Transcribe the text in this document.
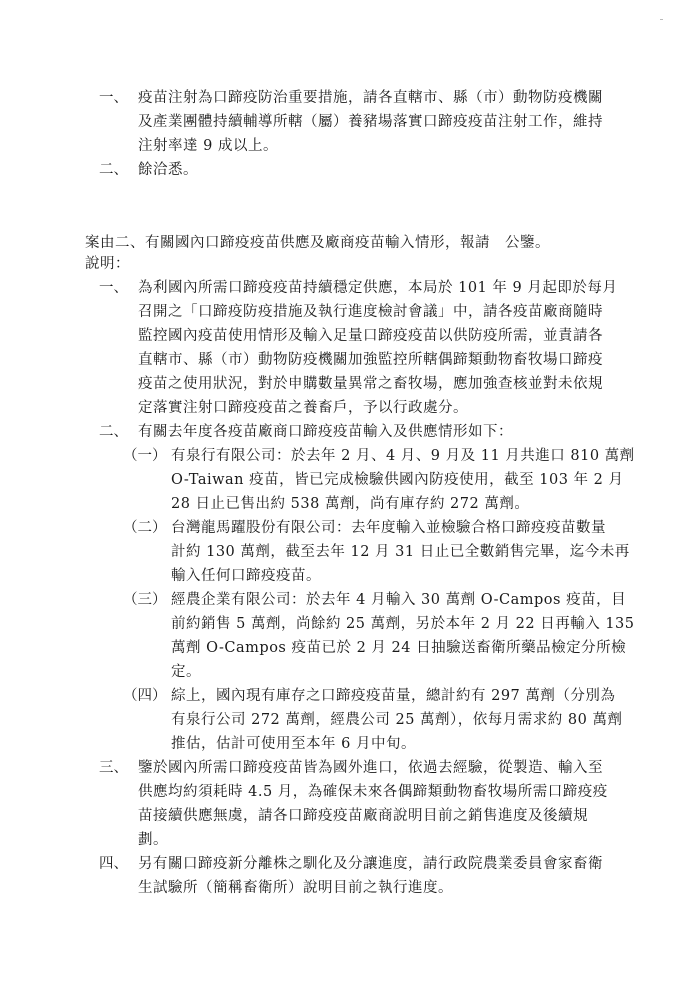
一、 疫苗注射為口蹄疫防治重要措施，請各直轄市、縣（市）動物防疫機關
及產業團體持續輔導所轄（屬）養豬場落實口蹄疫疫苗注射工作，維持
注射率達 9 成以上。
二、 餘洽悉。
案由二、有關國內口蹄疫疫苗供應及廠商疫苗輸入情形，報請　公鑒。
說明：
一、 為利國內所需口蹄疫疫苗持續穩定供應，本局於 101 年 9 月起即於每月
召開之「口蹄疫防疫措施及執行進度檢討會議」中，請各疫苗廠商隨時
監控國內疫苗使用情形及輸入足量口蹄疫疫苗以供防疫所需，並責請各
直轄市、縣（市）動物防疫機關加強監控所轄偶蹄類動物畜牧場口蹄疫
疫苗之使用狀況，對於申購數量異常之畜牧場，應加強查核並對未依規
定落實注射口蹄疫疫苗之養畜戶，予以行政處分。
二、 有關去年度各疫苗廠商口蹄疫疫苗輸入及供應情形如下：
（一） 有泉行有限公司：於去年 2 月、4 月、9 月及 11 月共進口 810 萬劑
O-Taiwan 疫苗，皆已完成檢驗供國內防疫使用，截至 103 年 2 月
28 日止已售出約 538 萬劑，尚有庫存約 272 萬劑。
（二） 台灣龍馬躍股份有限公司：去年度輸入並檢驗合格口蹄疫疫苗數量
計約 130 萬劑，截至去年 12 月 31 日止已全數銷售完畢，迄今未再
輸入任何口蹄疫疫苗。
（三） 經農企業有限公司：於去年 4 月輸入 30 萬劑 O-Campos 疫苗，目
前約銷售 5 萬劑，尚餘約 25 萬劑，另於本年 2 月 22 日再輸入 135
萬劑 O-Campos 疫苗已於 2 月 24 日抽驗送畜衛所藥品檢定分所檢
定。
（四） 綜上，國內現有庫存之口蹄疫疫苗量，總計約有 297 萬劑（分別為
有泉行公司 272 萬劑，經農公司 25 萬劑），依每月需求約 80 萬劑
推估，估計可使用至本年 6 月中旬。
三、 鑒於國內所需口蹄疫疫苗皆為國外進口，依過去經驗，從製造、輸入至
供應均約須耗時 4.5 月，為確保未來各偶蹄類動物畜牧場所需口蹄疫疫
苗接續供應無虞，請各口蹄疫疫苗廠商說明目前之銷售進度及後續規
劃。
四、 另有關口蹄疫新分離株之馴化及分讓進度，請行政院農業委員會家畜衛
生試驗所（簡稱畜衛所）說明目前之執行進度。
